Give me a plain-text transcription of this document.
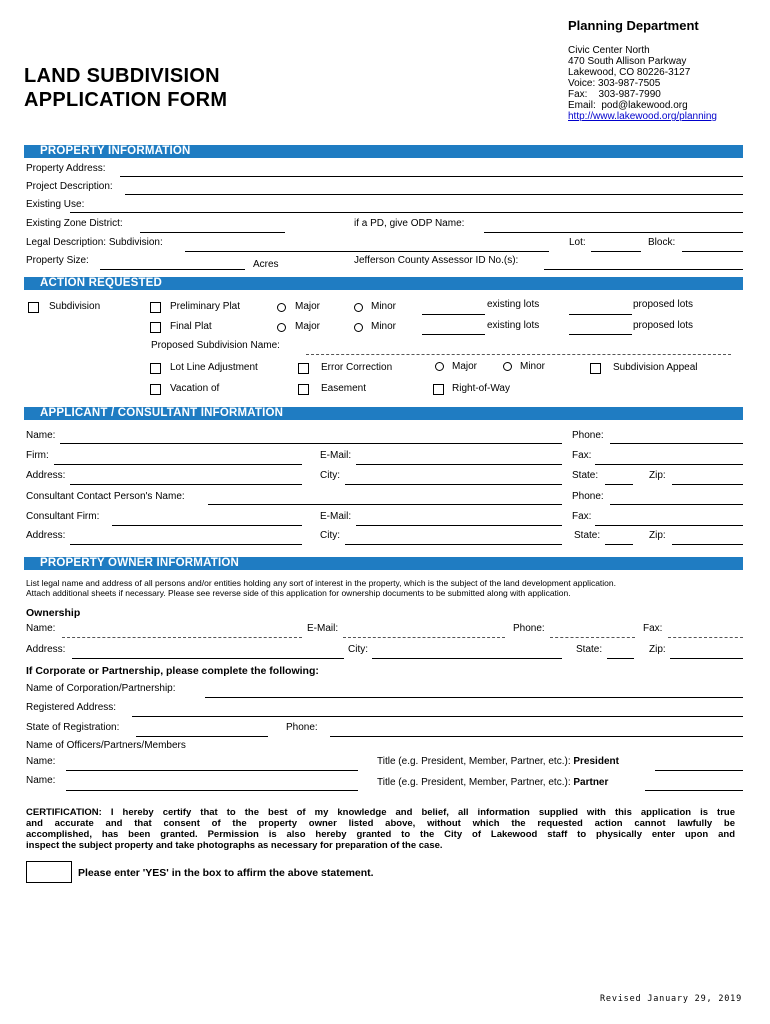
Planning Department
LAND SUBDIVISION
APPLICATION FORM
Civic Center North
470 South Allison Parkway
Lakewood, CO 80226-3127
Voice: 303-987-7505
Fax:    303-987-7990
Email:  pod@lakewood.org
http://www.lakewood.org/planning
PROPERTY INFORMATION
Property Address:
Project Description:
Existing Use:
Existing Zone District:	if a PD, give ODP Name:
Legal Description: Subdivision:	Lot:	Block:
Property Size:	Acres	Jefferson County Assessor ID No.(s):
ACTION REQUESTED
Subdivision	Preliminary Plat	Major	Minor	existing lots	proposed lots
Final Plat	Major	Minor	existing lots	proposed lots
Proposed Subdivision Name:
Lot Line Adjustment	Error Correction	Major	Minor	Subdivision Appeal
Vacation of	Easement	Right-of-Way
APPLICANT / CONSULTANT INFORMATION
Name:	Phone:
Firm:	E-Mail:	Fax:
Address:	City:	State:	Zip:
Consultant Contact Person's Name:	Phone:
Consultant Firm:	E-Mail:	Fax:
Address:	City:	State:	Zip:
PROPERTY OWNER INFORMATION
List legal name and address of all persons and/or entities holding any sort of interest in the property, which is the subject of the land development application.
Attach additional sheets if necessary. Please see reverse side of this application for ownership documents to be submitted along with application.
Ownership
Name:	E-Mail:	Phone:	Fax:
Address:	City:	State:	Zip:
If Corporate or Partnership, please complete the following:
Name of Corporation/Partnership:
Registered Address:
State of Registration:	Phone:
Name of Officers/Partners/Members
Name:	Title (e.g. President, Member, Partner, etc.): President
Name:	Title (e.g. President, Member, Partner, etc.): Partner
CERTIFICATION: I hereby certify that to the best of my knowledge and belief, all information supplied with this application is true
and accurate and that consent of the property owner listed above, without which the requested action cannot lawfully be
accomplished, has been granted. Permission is also hereby granted to the City of Lakewood staff to physically enter upon and
inspect the subject property and take photographs as necessary for preparation of the case.
Please enter 'YES' in the box to affirm the above statement.
Revised January 29, 2019
